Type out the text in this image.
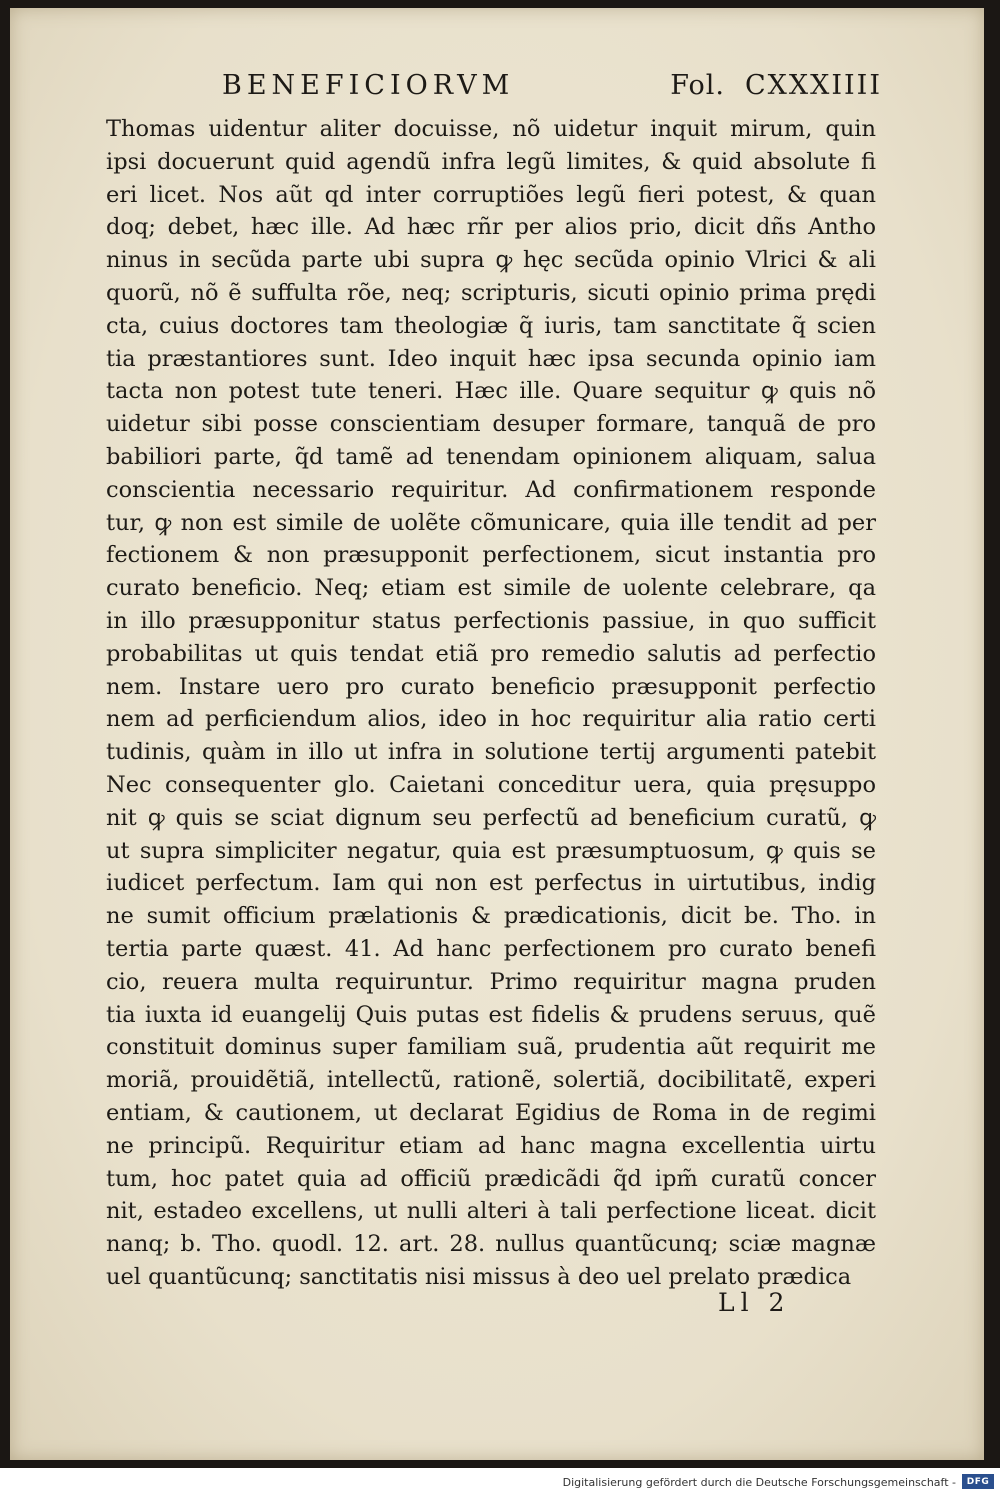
BENEFICIORVM	Fol. CXXXIIII
Thomas uidentur aliter docuisse, nõ uidetur inquit mirum, quin
ipsi docuerunt quid agendũ infra legũ limites, & quid absolute fi
eri licet. Nos aũt qd inter corruptiões legũ fieri potest, & quan
doq; debet, hæc ille. Ad hæc rñr per alios prio, dicit dñs Antho
ninus in secũda parte ubi supra ꝙ hęc secũda opinio Vlrici & ali
quorũ, nõ ẽ suffulta rõe, neq; scripturis, sicuti opinio prima prędi
cta, cuius doctores tam theologiæ q̃ iuris, tam sanctitate q̃ scien
tia præstantiores sunt. Ideo inquit hæc ipsa secunda opinio iam
tacta non potest tute teneri. Hæc ille. Quare sequitur ꝙ quis nõ
uidetur sibi posse conscientiam desuper formare, tanquã de pro
babiliori parte, q̃d tamẽ ad tenendam opinionem aliquam, salua
conscientia necessario requiritur. Ad confirmationem responde
tur, ꝙ non est simile de uolẽte cõmunicare, quia ille tendit ad per
fectionem & non præsupponit perfectionem, sicut instantia pro
curato beneficio. Neq; etiam est simile de uolente celebrare, qa
in illo præsupponitur status perfectionis passiue, in quo sufficit
probabilitas ut quis tendat etiã pro remedio salutis ad perfectio
nem. Instare uero pro curato beneficio præsupponit perfectio
nem ad perficiendum alios, ideo in hoc requiritur alia ratio certi
tudinis, quàm in illo ut infra in solutione tertij argumenti patebit
Nec consequenter glo. Caietani conceditur uera, quia pręsuppo
nit ꝙ quis se sciat dignum seu perfectũ ad beneficium curatũ, ꝙ
ut supra simpliciter negatur, quia est præsumptuosum, ꝙ quis se
iudicet perfectum. Iam qui non est perfectus in uirtutibus, indig
ne sumit officium prælationis & prædicationis, dicit be. Tho. in
tertia parte quæst. 41. Ad hanc perfectionem pro curato benefi
cio, reuera multa requiruntur. Primo requiritur magna pruden
tia iuxta id euangelij Quis putas est fidelis & prudens seruus, quẽ
constituit dominus super familiam suã, prudentia aũt requirit me
moriã, prouidẽtiã, intellectũ, rationẽ, solertiã, docibilitatẽ, experi
entiam, & cautionem, ut declarat Egidius de Roma in de regimi
ne principũ. Requiritur etiam ad hanc magna excellentia uirtu
tum, hoc patet quia ad officiũ prædicãdi q̃d ipm̃ curatũ concer
nit, estadeo excellens, ut nulli alteri à tali perfectione liceat. dicit
nanq; b. Tho. quodl. 12. art. 28. nullus quantũcunq; sciæ magnæ
uel quantũcunq; sanctitatis nisi missus à deo uel prelato prædica
Ll 2
Digitalisierung gefördert durch die Deutsche Forschungsgemeinschaft -	DFG
